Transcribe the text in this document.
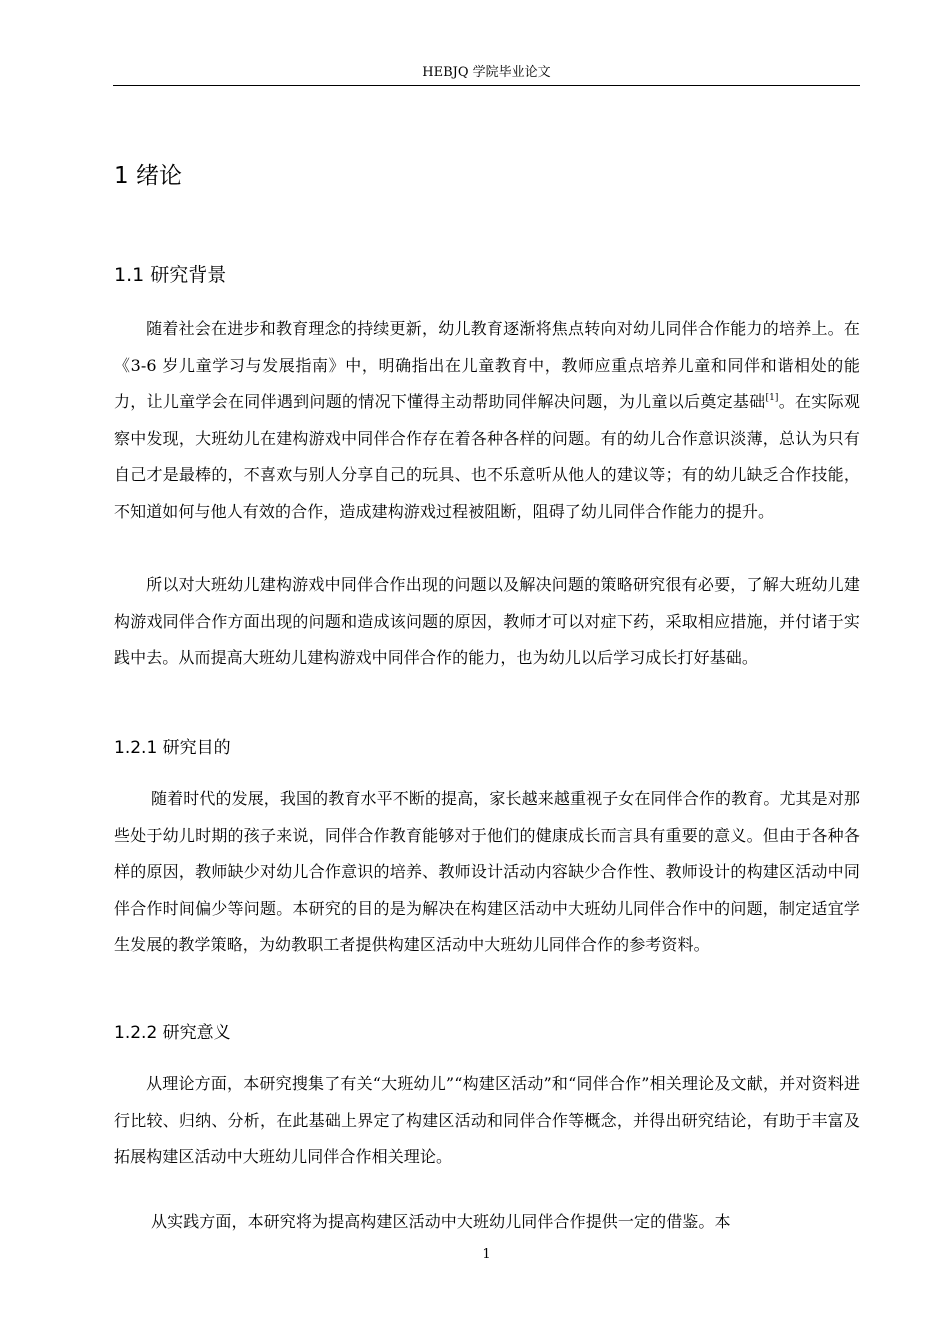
HEBJQ 学院毕业论文
1 绪论
1.1 研究背景

随着社会在进步和教育理念的持续更新，幼儿教育逐渐将焦点转向对幼儿同伴合作能力的培养上。在《3-6 岁儿童学习与发展指南》中，明确指出在儿童教育中，教师应重点培养儿童和同伴和谐相处的能力，让儿童学会在同伴遇到问题的情况下懂得主动帮助同伴解决问题，为儿童以后奠定基础[1]。在实际观察中发现，大班幼儿在建构游戏中同伴合作存在着各种各样的问题。有的幼儿合作意识淡薄，总认为只有自己才是最棒的，不喜欢与别人分享自己的玩具、也不乐意听从他人的建议等；有的幼儿缺乏合作技能，不知道如何与他人有效的合作，造成建构游戏过程被阻断，阻碍了幼儿同伴合作能力的提升。

所以对大班幼儿建构游戏中同伴合作出现的问题以及解决问题的策略研究很有必要，了解大班幼儿建构游戏同伴合作方面出现的问题和造成该问题的原因，教师才可以对症下药，采取相应措施，并付诸于实践中去。从而提高大班幼儿建构游戏中同伴合作的能力，也为幼儿以后学习成长打好基础。

1.2.1 研究目的

随着时代的发展，我国的教育水平不断的提高，家长越来越重视子女在同伴合作的教育。尤其是对那些处于幼儿时期的孩子来说，同伴合作教育能够对于他们的健康成长而言具有重要的意义。但由于各种各样的原因，教师缺少对幼儿合作意识的培养、教师设计活动内容缺少合作性、教师设计的构建区活动中同伴合作时间偏少等问题。本研究的目的是为解决在构建区活动中大班幼儿同伴合作中的问题，制定适宜学生发展的教学策略，为幼教职工者提供构建区活动中大班幼儿同伴合作的参考资料。

1.2.2 研究意义

从理论方面，本研究搜集了有关“大班幼儿”“构建区活动”和“同伴合作”相关理论及文献，并对资料进行比较、归纳、分析，在此基础上界定了构建区活动和同伴合作等概念，并得出研究结论，有助于丰富及拓展构建区活动中大班幼儿同伴合作相关理论。

从实践方面，本研究将为提高构建区活动中大班幼儿同伴合作提供一定的借鉴。本

1
